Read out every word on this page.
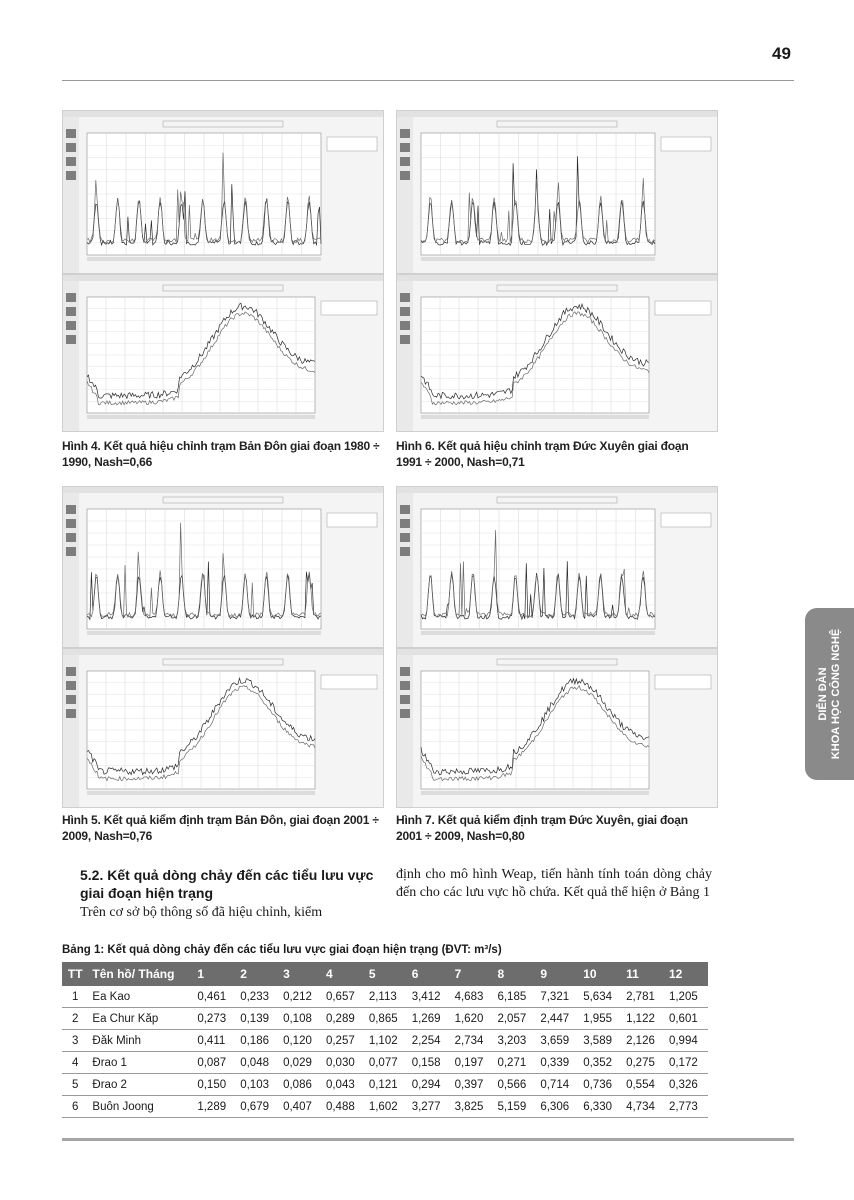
49
DIỄN ĐÀN KHOA HỌC CÔNG NGHỆ
Hình 4. Kết quả hiệu chỉnh trạm Bản Đôn giai đoạn 1980 ÷ 1990, Nash=0,66
Hình 6. Kết quả hiệu chỉnh trạm Đức Xuyên giai đoạn 1991 ÷ 2000, Nash=0,71
Hình 5. Kết quả kiểm định trạm Bản Đôn, giai đoạn 2001 ÷ 2009, Nash=0,76
Hình 7. Kết quả kiểm định trạm Đức Xuyên, giai đoạn 2001 ÷ 2009, Nash=0,80
5.2. Kết quả dòng chảy đến các tiểu lưu vực giai đoạn hiện trạng
Trên cơ sở bộ thông số đã hiệu chỉnh, kiểm
định cho mô hình Weap, tiến hành tính toán dòng chảy đến cho các lưu vực hồ chứa. Kết quả thể hiện ở Bảng 1
Bảng 1: Kết quả dòng chảy đến các tiểu lưu vực giai đoạn hiện trạng (ĐVT: m³/s)
TT	Tên hồ/ Tháng	1	2	3	4	5	6	7	8	9	10	11	12
1	Ea Kao	0,461	0,233	0,212	0,657	2,113	3,412	4,683	6,185	7,321	5,634	2,781	1,205
2	Ea Chur Kăp	0,273	0,139	0,108	0,289	0,865	1,269	1,620	2,057	2,447	1,955	1,122	0,601
3	Đăk Minh	0,411	0,186	0,120	0,257	1,102	2,254	2,734	3,203	3,659	3,589	2,126	0,994
4	Đrao 1	0,087	0,048	0,029	0,030	0,077	0,158	0,197	0,271	0,339	0,352	0,275	0,172
5	Đrao 2	0,150	0,103	0,086	0,043	0,121	0,294	0,397	0,566	0,714	0,736	0,554	0,326
6	Buôn Joong	1,289	0,679	0,407	0,488	1,602	3,277	3,825	5,159	6,306	6,330	4,734	2,773
